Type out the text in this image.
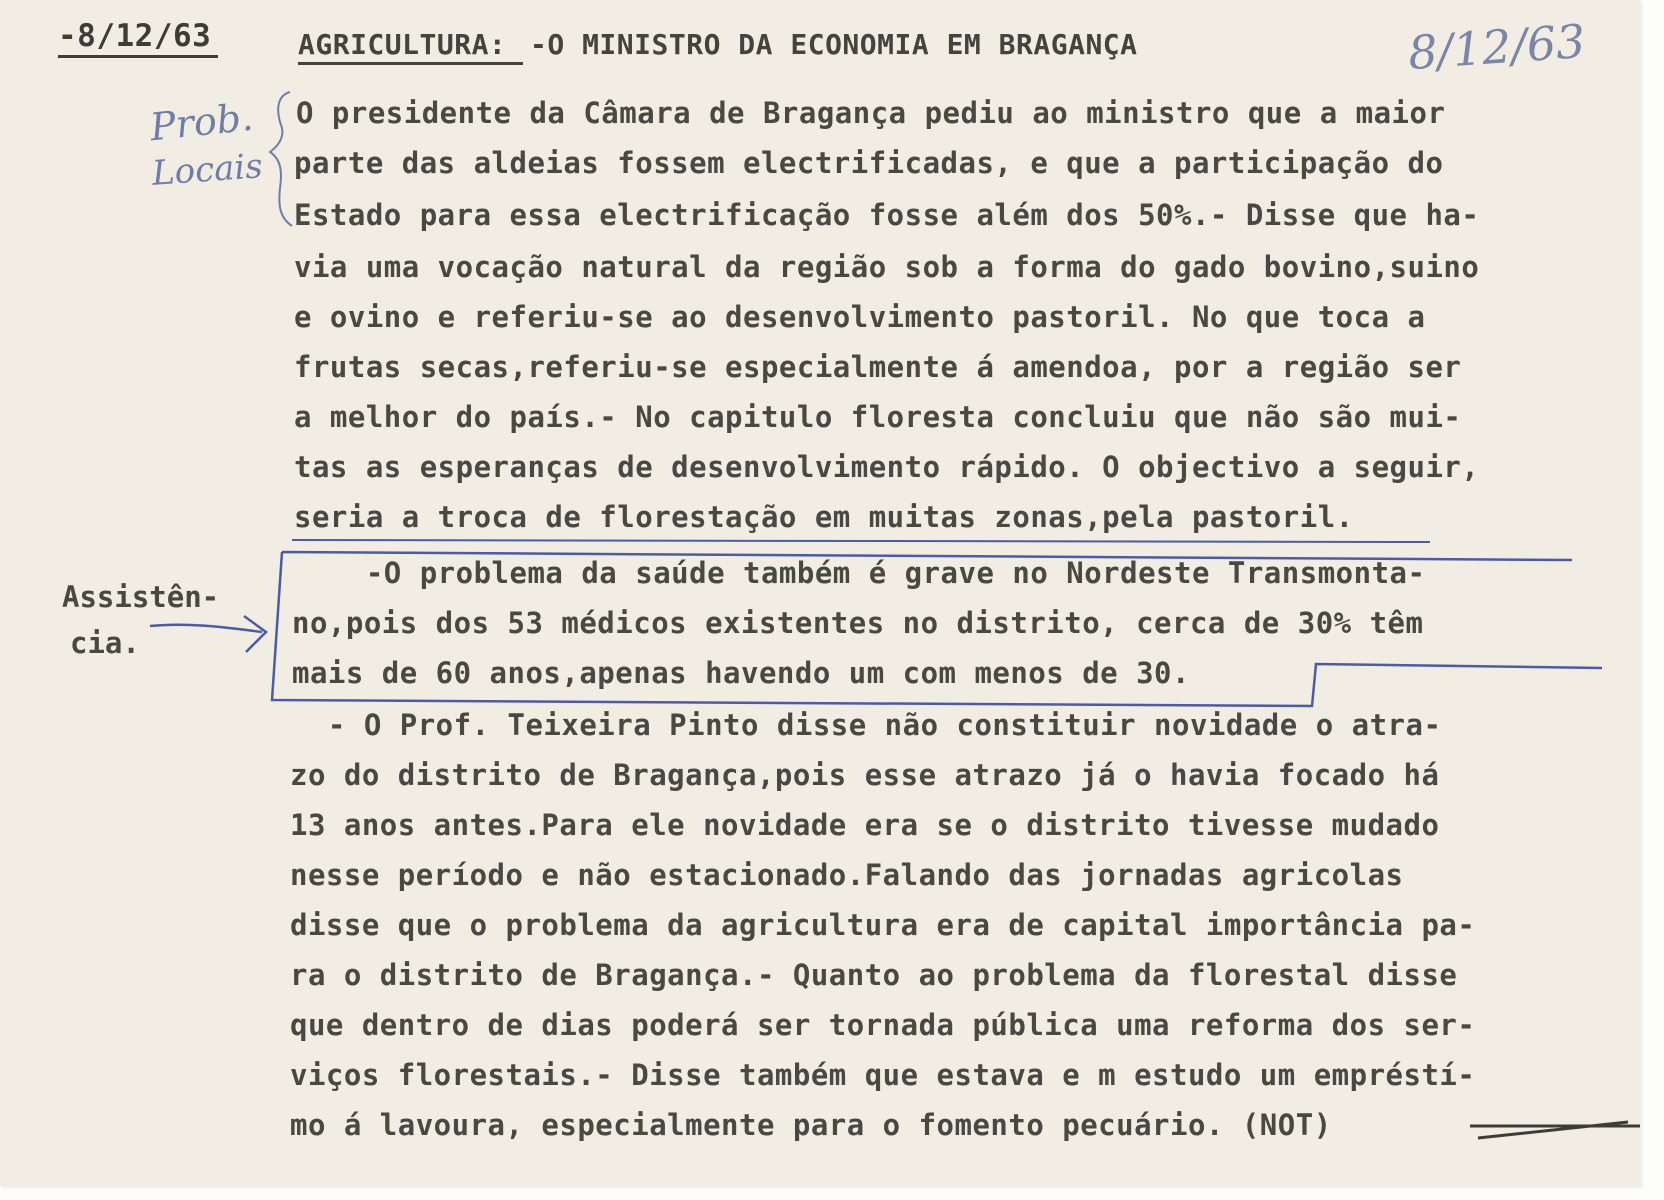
-8/12/63	AGRICULTURA: -O MINISTRO DA ECONOMIA EM BRAGANÇA	8/12/63
Prob.
Locais
Assistên-
cia.
O presidente da Câmara de Bragança pediu ao ministro que a maior
parte das aldeias fossem electrificadas, e que a participação do
Estado para essa electrificação fosse além dos 50%.- Disse que ha-
via uma vocação natural da região sob a forma do gado bovino,suino
e ovino e referiu-se ao desenvolvimento pastoril. No que toca a
frutas secas,referiu-se especialmente á amendoa, por a região ser
a melhor do país.- No capitulo floresta concluiu que não são mui-
tas as esperanças de desenvolvimento rápido. O objectivo a seguir,
seria a troca de florestação em muitas zonas,pela pastoril.
-O problema da saúde também é grave no Nordeste Transmonta-
no,pois dos 53 médicos existentes no distrito, cerca de 30% têm
mais de 60 anos,apenas havendo um com menos de 30.
- O Prof. Teixeira Pinto disse não constituir novidade o atra-
zo do distrito de Bragança,pois esse atrazo já o havia focado há
13 anos antes.Para ele novidade era se o distrito tivesse mudado
nesse período e não estacionado.Falando das jornadas agricolas
disse que o problema da agricultura era de capital importância pa-
ra o distrito de Bragança.- Quanto ao problema da florestal disse
que dentro de dias poderá ser tornada pública uma reforma dos ser-
viços florestais.- Disse também que estava e m estudo um empréstí-
mo á lavoura, especialmente para o fomento pecuário. (NOT)
